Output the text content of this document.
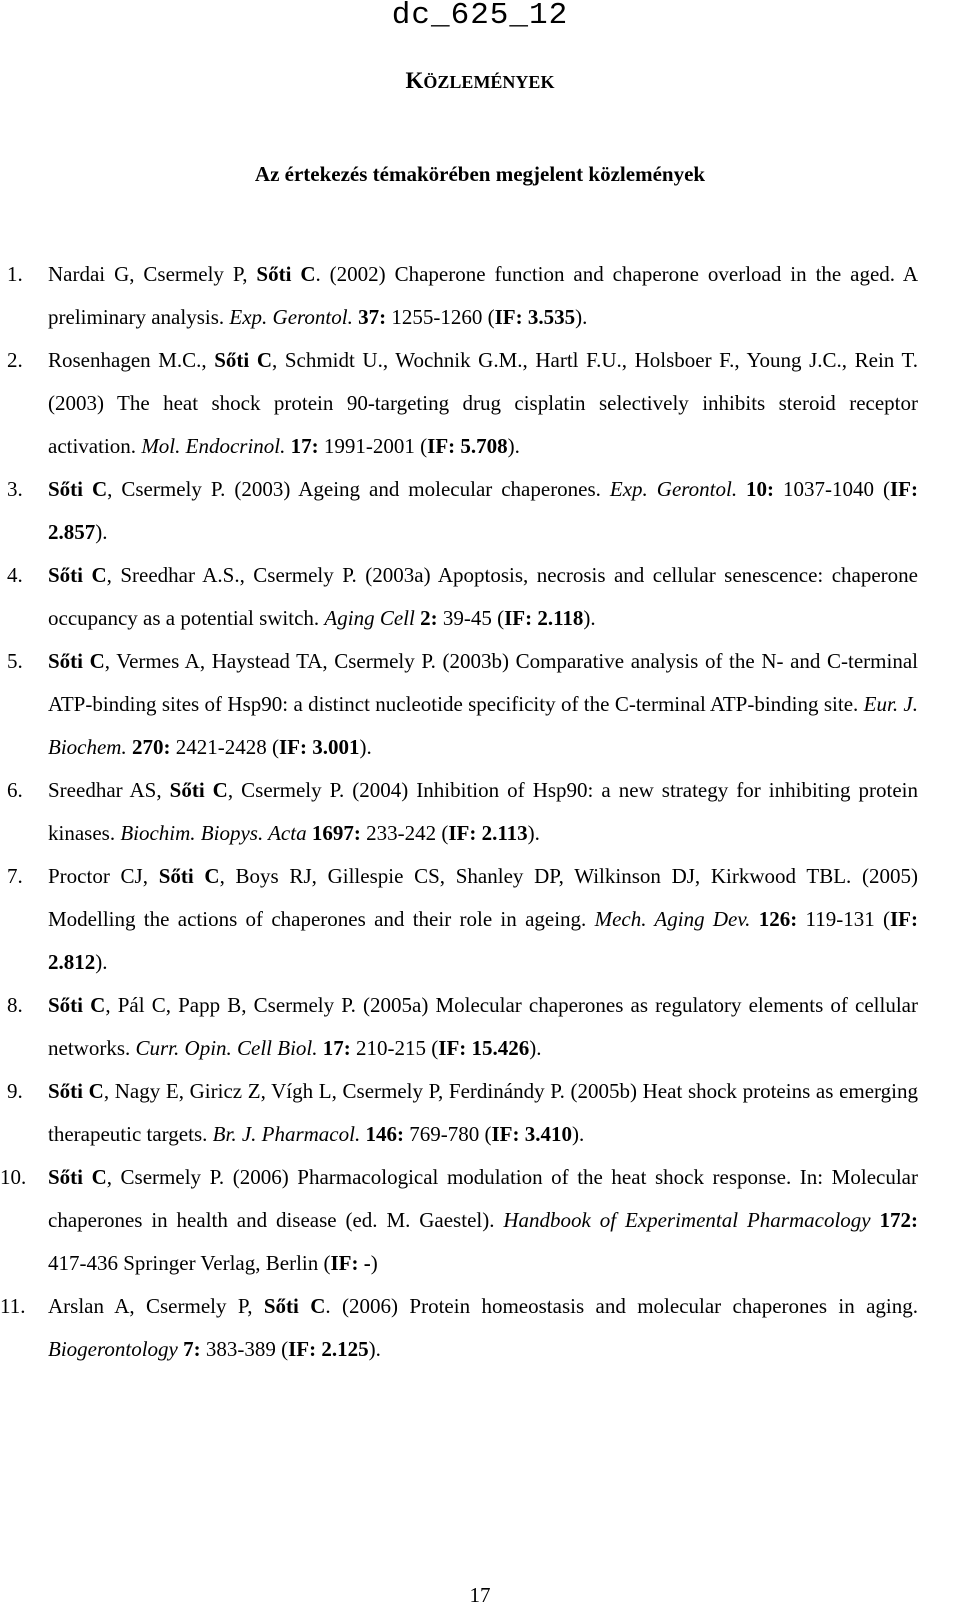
dc_625_12
KÖZLEMÉNYEK
Az értekezés témakörében megjelent közlemények
1. Nardai G, Csermely P, Sőti C. (2002) Chaperone function and chaperone overload in the aged. A preliminary analysis. Exp. Gerontol. 37: 1255-1260 (IF: 3.535).
2. Rosenhagen M.C., Sőti C, Schmidt U., Wochnik G.M., Hartl F.U., Holsboer F., Young J.C., Rein T. (2003) The heat shock protein 90-targeting drug cisplatin selectively inhibits steroid receptor activation. Mol. Endocrinol. 17: 1991-2001 (IF: 5.708).
3. Sőti C, Csermely P. (2003) Ageing and molecular chaperones. Exp. Gerontol. 10: 1037-1040 (IF: 2.857).
4. Sőti C, Sreedhar A.S., Csermely P. (2003a) Apoptosis, necrosis and cellular senescence: chaperone occupancy as a potential switch. Aging Cell 2: 39-45 (IF: 2.118).
5. Sőti C, Vermes A, Haystead TA, Csermely P. (2003b) Comparative analysis of the N- and C-terminal ATP-binding sites of Hsp90: a distinct nucleotide specificity of the C-terminal ATP-binding site. Eur. J. Biochem. 270: 2421-2428 (IF: 3.001).
6. Sreedhar AS, Sőti C, Csermely P. (2004) Inhibition of Hsp90: a new strategy for inhibiting protein kinases. Biochim. Biopys. Acta 1697: 233-242 (IF: 2.113).
7. Proctor CJ, Sőti C, Boys RJ, Gillespie CS, Shanley DP, Wilkinson DJ, Kirkwood TBL. (2005) Modelling the actions of chaperones and their role in ageing. Mech. Aging Dev. 126: 119-131 (IF: 2.812).
8. Sőti C, Pál C, Papp B, Csermely P. (2005a) Molecular chaperones as regulatory elements of cellular networks. Curr. Opin. Cell Biol. 17: 210-215 (IF: 15.426).
9. Sőti C, Nagy E, Giricz Z, Vígh L, Csermely P, Ferdinándy P. (2005b) Heat shock proteins as emerging therapeutic targets. Br. J. Pharmacol. 146: 769-780 (IF: 3.410).
10. Sőti C, Csermely P. (2006) Pharmacological modulation of the heat shock response. In: Molecular chaperones in health and disease (ed. M. Gaestel). Handbook of Experimental Pharmacology 172: 417-436 Springer Verlag, Berlin (IF: -)
11. Arslan A, Csermely P, Sőti C. (2006) Protein homeostasis and molecular chaperones in aging. Biogerontology 7: 383-389 (IF: 2.125).
17
